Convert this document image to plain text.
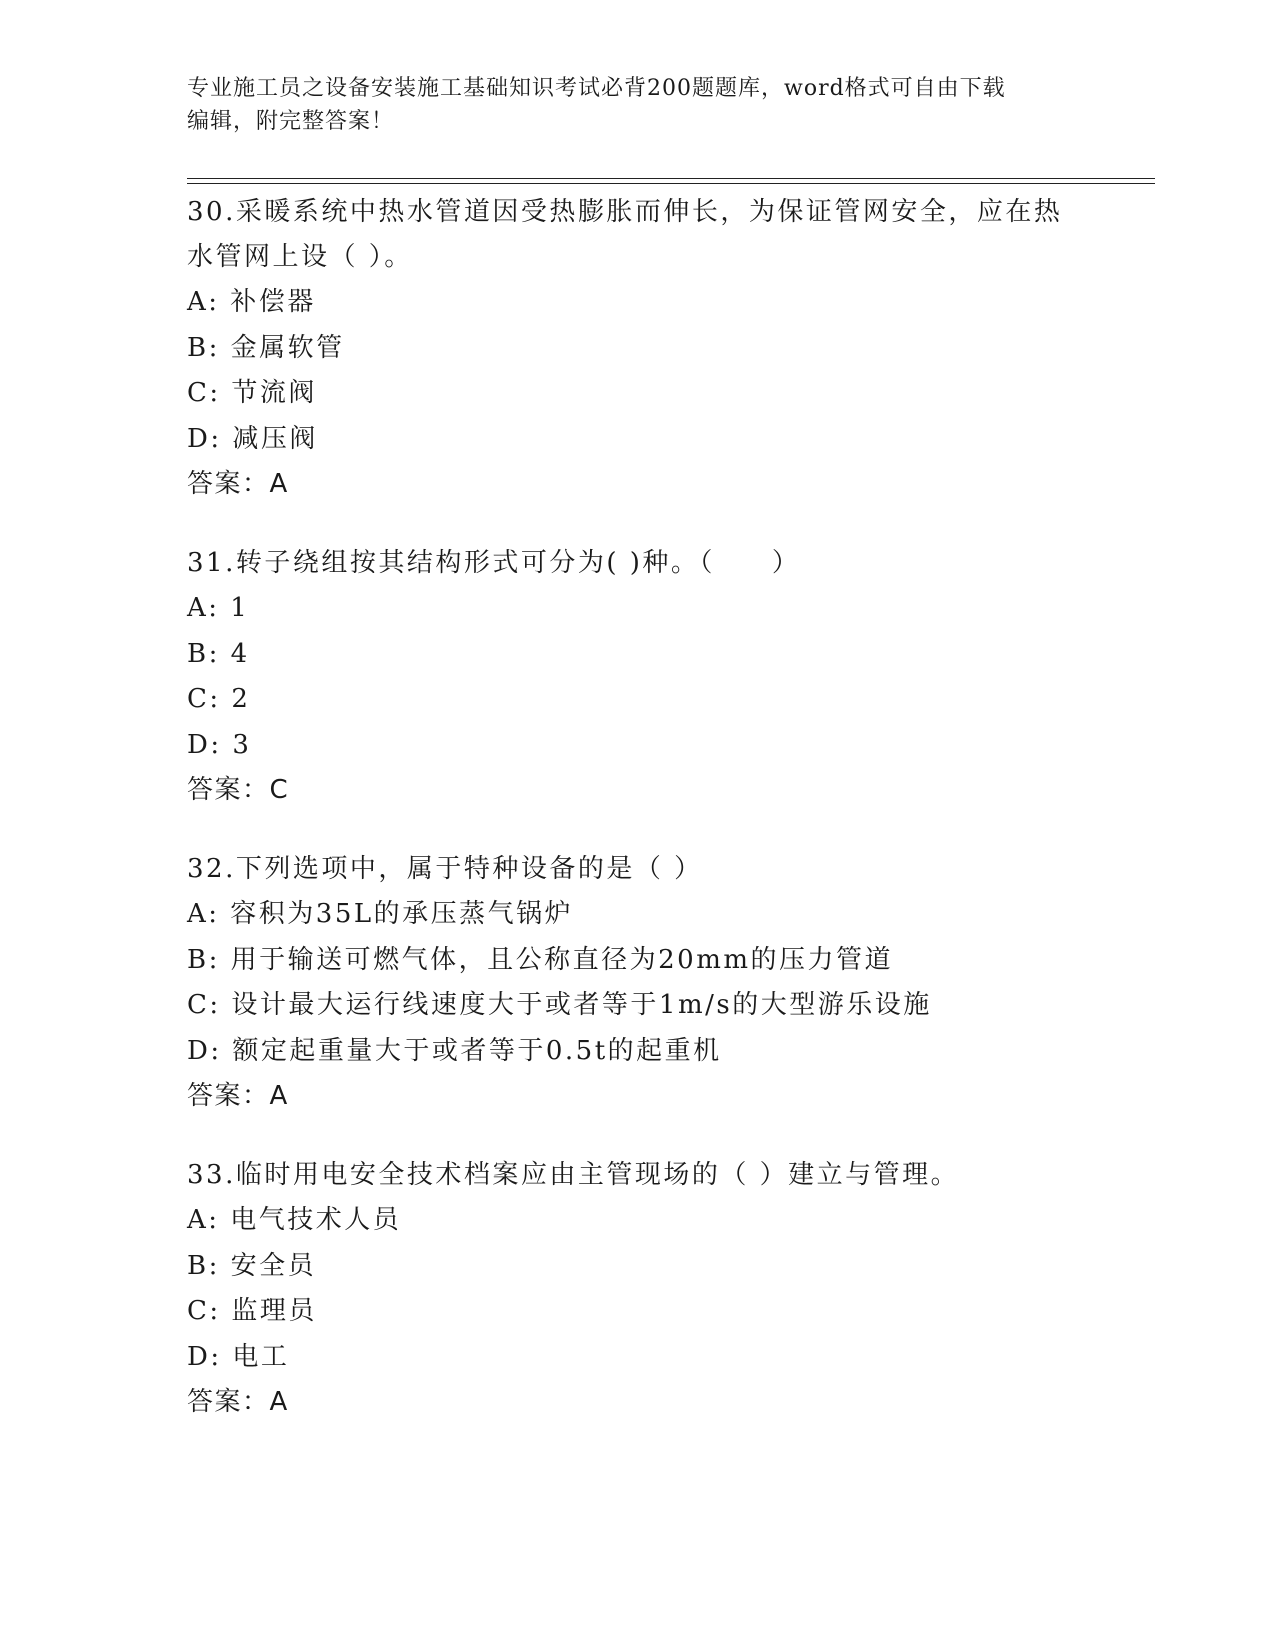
专业施工员之设备安装施工基础知识考试必背200题题库，word格式可自由下载
编辑，附完整答案！
30.采暖系统中热水管道因受热膨胀而伸长，为保证管网安全，应在热
水管网上设（ ）。
A: 补偿器
B: 金属软管
C: 节流阀
D: 减压阀
答案：A
31.转子绕组按其结构形式可分为( )种。（　　）
A: 1
B: 4
C: 2
D: 3
答案：C
32.下列选项中，属于特种设备的是（ ）
A: 容积为35L的承压蒸气锅炉
B: 用于输送可燃气体，且公称直径为20mm的压力管道
C: 设计最大运行线速度大于或者等于1m/s的大型游乐设施
D: 额定起重量大于或者等于0.5t的起重机
答案：A
33.临时用电安全技术档案应由主管现场的（ ）建立与管理。
A: 电气技术人员
B: 安全员
C: 监理员
D: 电工
答案：A
